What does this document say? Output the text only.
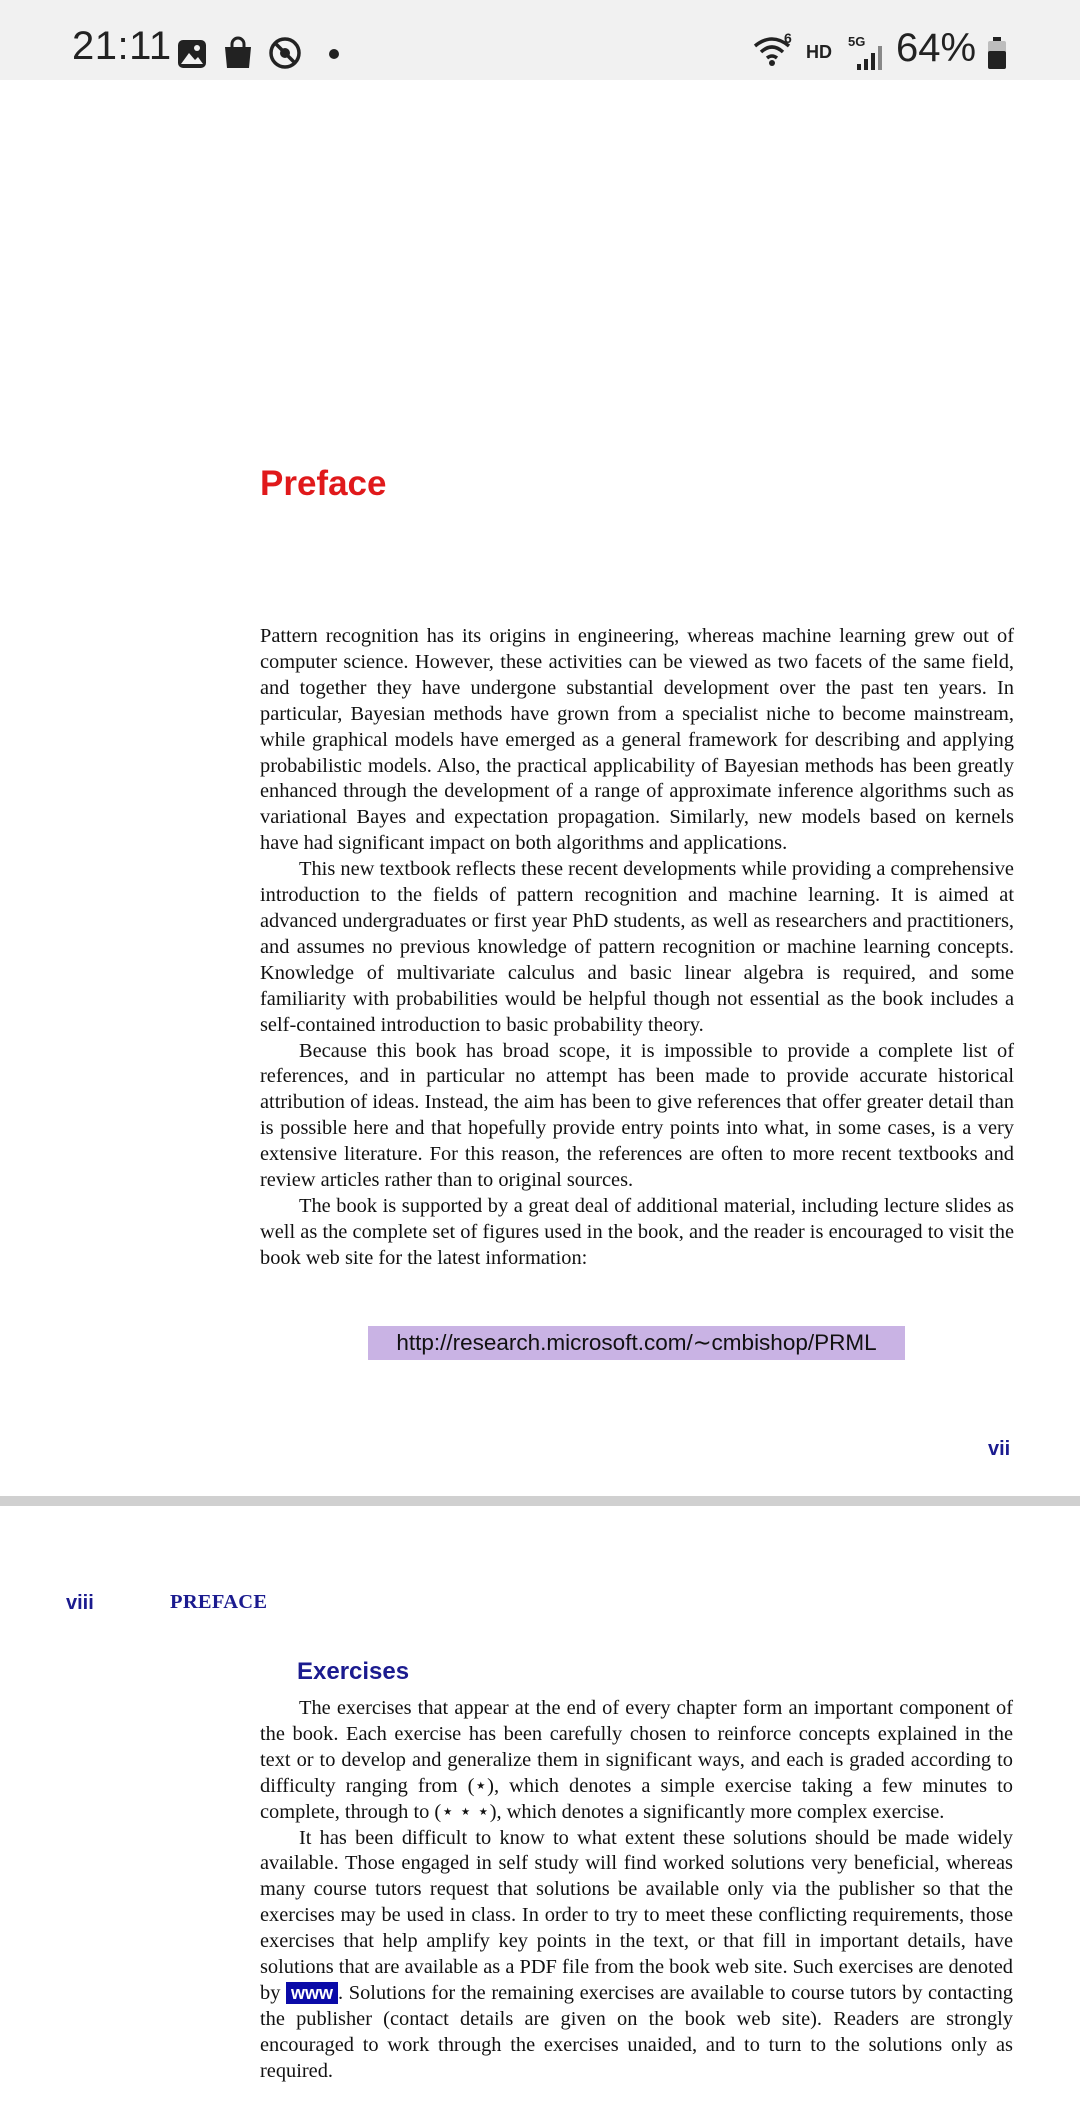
21:11	6
HD
5G 64%
Preface

Pattern recognition has its origins in engineering, whereas machine learning grew out of computer science. However, these activities can be viewed as two facets of the same field, and together they have undergone substantial development over the past ten years. In particular, Bayesian methods have grown from a specialist niche to become mainstream, while graphical models have emerged as a general framework for describing and applying probabilistic models. Also, the practical applicability of Bayesian methods has been greatly enhanced through the development of a range of approximate inference algorithms such as variational Bayes and expectation propagation. Similarly, new models based on kernels have had significant impact on both algorithms and applications.

This new textbook reflects these recent developments while providing a comprehensive introduction to the fields of pattern recognition and machine learning. It is aimed at advanced undergraduates or first year PhD students, as well as researchers and practitioners, and assumes no previous knowledge of pattern recognition or machine learning concepts. Knowledge of multivariate calculus and basic linear algebra is required, and some familiarity with probabilities would be helpful though not essential as the book includes a self-contained introduction to basic probability theory.

Because this book has broad scope, it is impossible to provide a complete list of references, and in particular no attempt has been made to provide accurate historical attribution of ideas. Instead, the aim has been to give references that offer greater detail than is possible here and that hopefully provide entry points into what, in some cases, is a very extensive literature. For this reason, the references are often to more recent textbooks and review articles rather than to original sources.

The book is supported by a great deal of additional material, including lecture slides as well as the complete set of figures used in the book, and the reader is encouraged to visit the book web site for the latest information:

http://research.microsoft.com/∼cmbishop/PRML
vii
viii	PREFACE
Exercises

The exercises that appear at the end of every chapter form an important component of the book. Each exercise has been carefully chosen to reinforce concepts explained in the text or to develop and generalize them in significant ways, and each is graded according to difficulty ranging from (⋆), which denotes a simple exercise taking a few minutes to complete, through to (⋆ ⋆ ⋆), which denotes a significantly more complex exercise.

It has been difficult to know to what extent these solutions should be made widely available. Those engaged in self study will find worked solutions very beneficial, whereas many course tutors request that solutions be available only via the publisher so that the exercises may be used in class. In order to try to meet these conflicting requirements, those exercises that help amplify key points in the text, or that fill in important details, have solutions that are available as a PDF file from the book web site. Such exercises are denoted by www . Solutions for the remaining exercises are available to course tutors by contacting the publisher (contact details are given on the book web site). Readers are strongly encouraged to work through the exercises unaided, and to turn to the solutions only as required.
